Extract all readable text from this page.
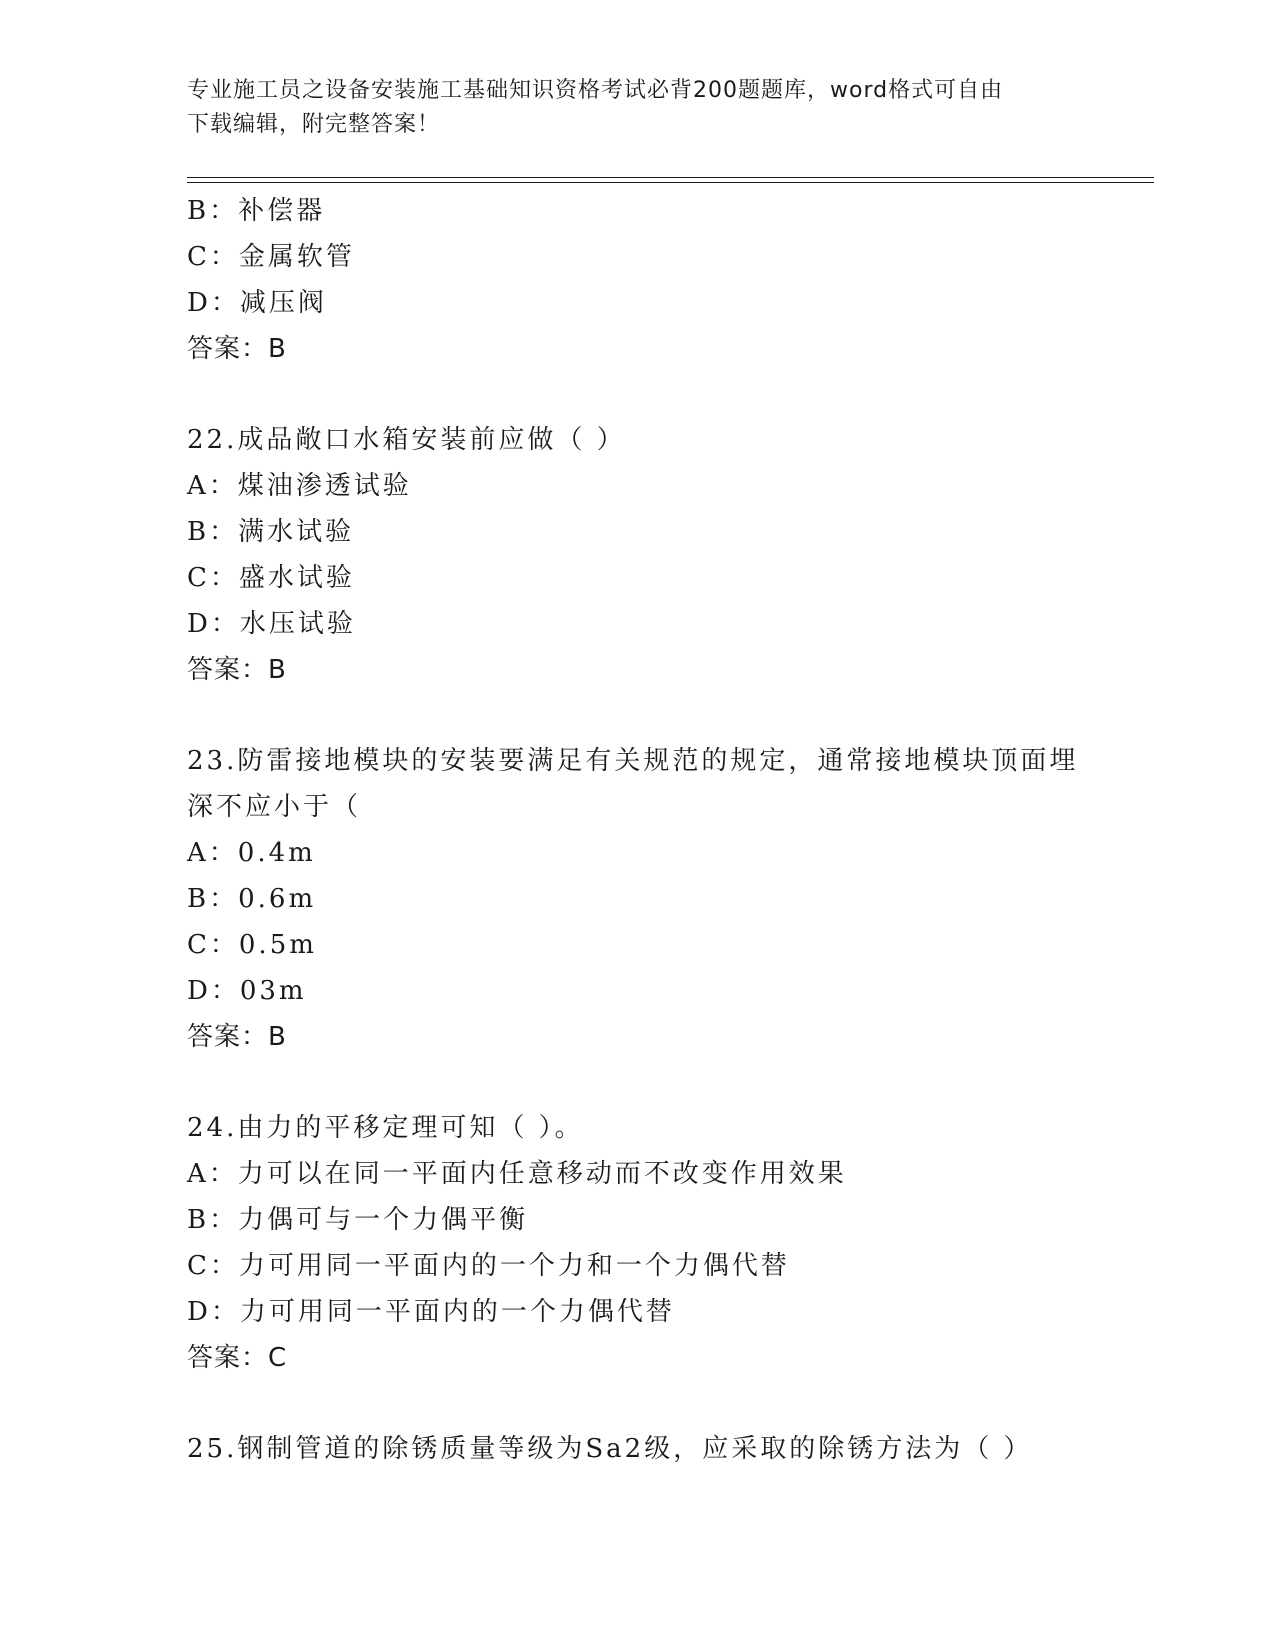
专业施工员之设备安装施工基础知识资格考试必背200题题库，word格式可自由
下载编辑，附完整答案！
B：补偿器
C：金属软管
D：减压阀
答案：B
22.成品敞口水箱安装前应做（ ）
A：煤油渗透试验
B：满水试验
C：盛水试验
D：水压试验
答案：B
23.防雷接地模块的安装要满足有关规范的规定，通常接地模块顶面埋
深不应小于（
A：0.4m
B：0.6m
C：0.5m
D：03m
答案：B
24.由力的平移定理可知（ ）。
A：力可以在同一平面内任意移动而不改变作用效果
B：力偶可与一个力偶平衡
C：力可用同一平面内的一个力和一个力偶代替
D：力可用同一平面内的一个力偶代替
答案：C
25.钢制管道的除锈质量等级为Sa2级，应采取的除锈方法为（ ）
